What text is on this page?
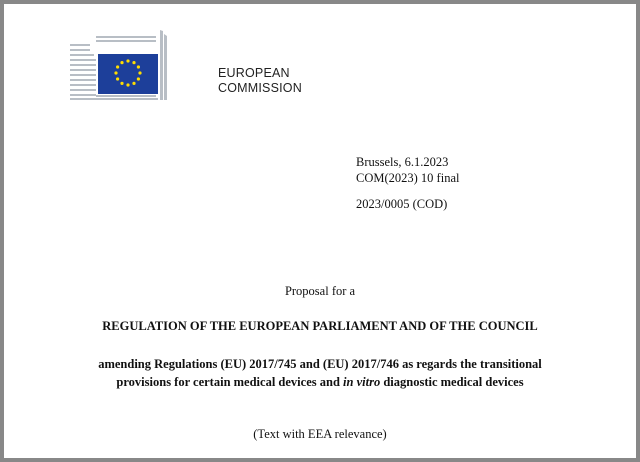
EUROPEAN
COMMISSION
Brussels, 6.1.2023
COM(2023) 10 final
2023/0005 (COD)
Proposal for a
REGULATION OF THE EUROPEAN PARLIAMENT AND OF THE COUNCIL
amending Regulations (EU) 2017/745 and (EU) 2017/746 as regards the transitional
provisions for certain medical devices and in vitro diagnostic medical devices
(Text with EEA relevance)
